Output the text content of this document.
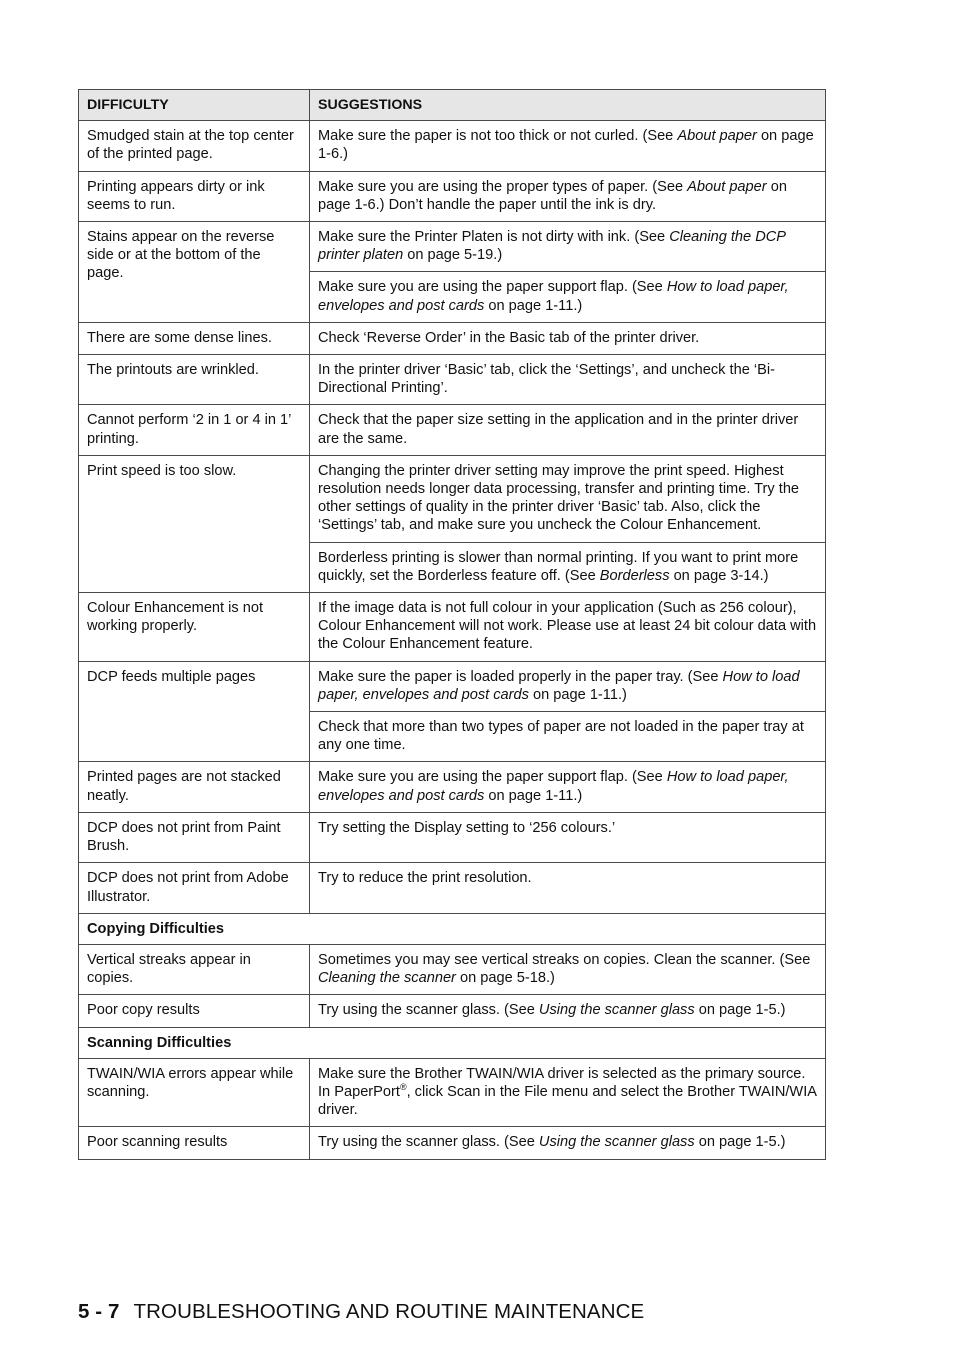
DIFFICULTY	SUGGESTIONS
Smudged stain at the top center of the printed page.	Make sure the paper is not too thick or not curled. (See About paper on page 1-6.)
Printing appears dirty or ink seems to run.	Make sure you are using the proper types of paper. (See About paper on page 1-6.) Don’t handle the paper until the ink is dry.
Stains appear on the reverse side or at the bottom of the page.	Make sure the Printer Platen is not dirty with ink. (See Cleaning the DCP printer platen on page 5-19.)
	Make sure you are using the paper support flap. (See How to load paper, envelopes and post cards on page 1-11.)
There are some dense lines.	Check ‘Reverse Order’ in the Basic tab of the printer driver.
The printouts are wrinkled.	In the printer driver ‘Basic’ tab, click the ‘Settings’, and uncheck the ‘Bi-Directional Printing’.
Cannot perform ‘2 in 1 or 4 in 1’ printing.	Check that the paper size setting in the application and in the printer driver are the same.
Print speed is too slow.	Changing the printer driver setting may improve the print speed. Highest resolution needs longer data processing, transfer and printing time. Try the other settings of quality in the printer driver ‘Basic’ tab. Also, click the ‘Settings’ tab, and make sure you uncheck the Colour Enhancement.
	Borderless printing is slower than normal printing. If you want to print more quickly, set the Borderless feature off. (See Borderless on page 3-14.)
Colour Enhancement is not working properly.	If the image data is not full colour in your application (Such as 256 colour), Colour Enhancement will not work. Please use at least 24 bit colour data with the Colour Enhancement feature.
DCP feeds multiple pages	Make sure the paper is loaded properly in the paper tray. (See How to load paper, envelopes and post cards on page 1-11.)
	Check that more than two types of paper are not loaded in the paper tray at any one time.
Printed pages are not stacked neatly.	Make sure you are using the paper support flap. (See How to load paper, envelopes and post cards on page 1-11.)
DCP does not print from Paint Brush.	Try setting the Display setting to ‘256 colours.’
DCP does not print from Adobe Illustrator.	Try to reduce the print resolution.
Copying Difficulties	
Vertical streaks appear in copies.	Sometimes you may see vertical streaks on copies. Clean the scanner. (See Cleaning the scanner on page 5-18.)
Poor copy results	Try using the scanner glass. (See Using the scanner glass on page 1-5.)
Scanning Difficulties	
TWAIN/WIA errors appear while scanning.	Make sure the Brother TWAIN/WIA driver is selected as the primary source. In PaperPort®, click Scan in the File menu and select the Brother TWAIN/WIA driver.
Poor scanning results	Try using the scanner glass. (See Using the scanner glass on page 1-5.)
5 - 7 TROUBLESHOOTING AND ROUTINE MAINTENANCE
